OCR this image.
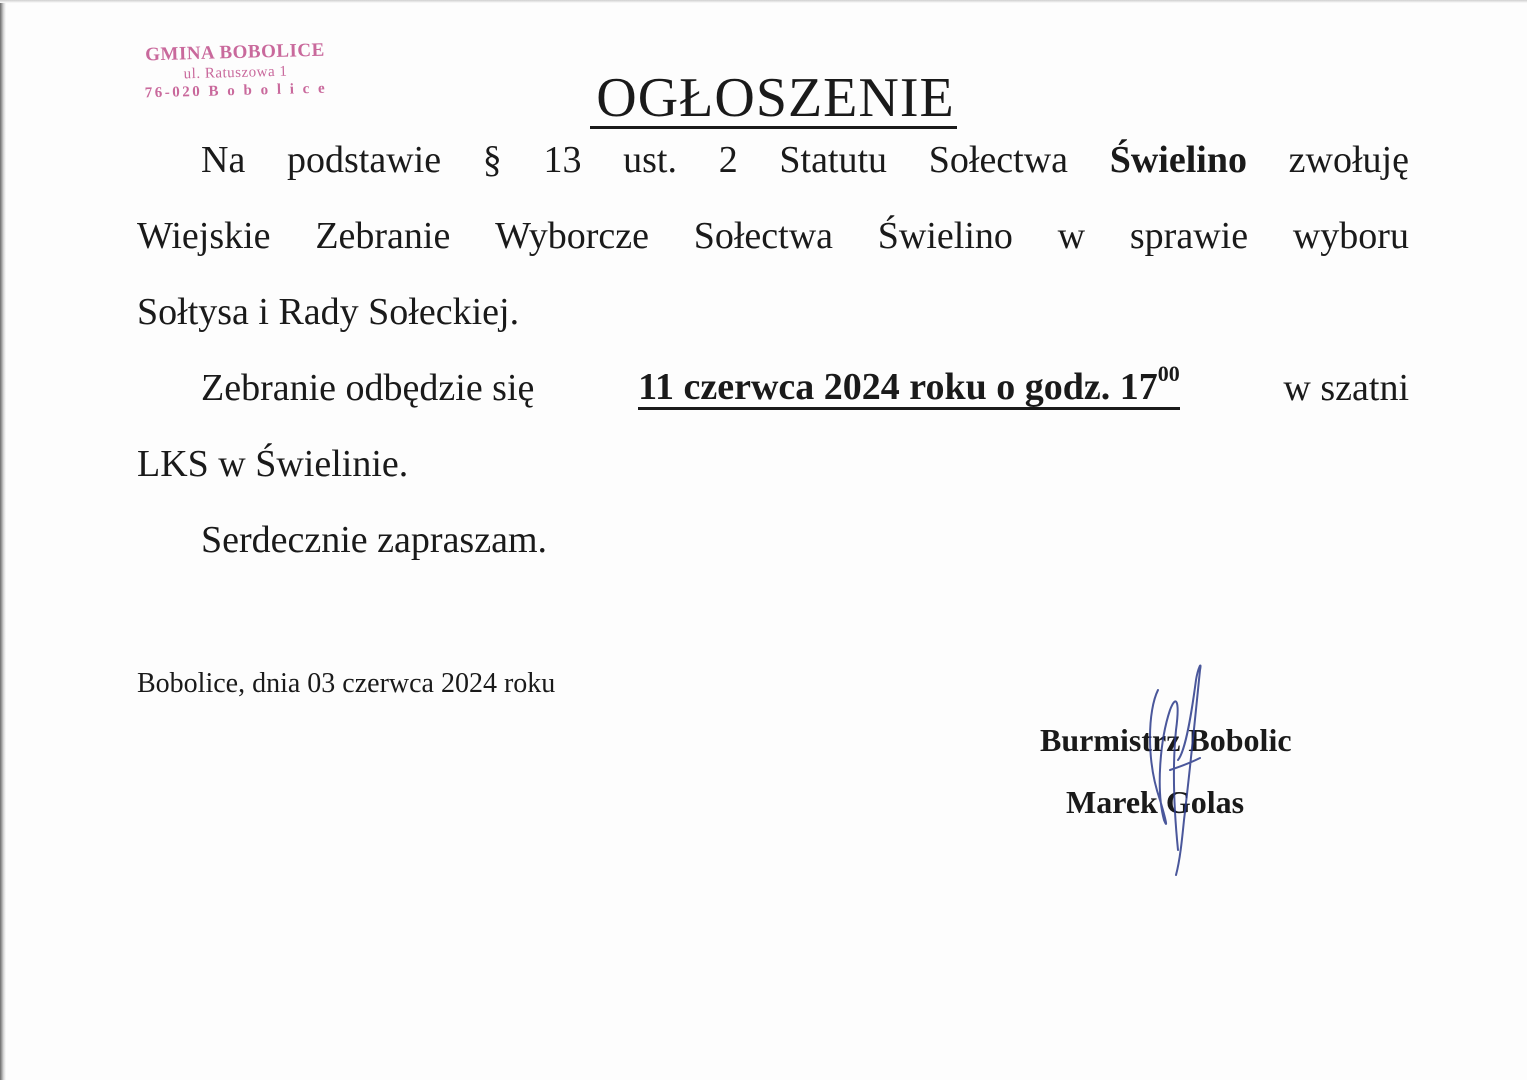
GMINA BOBOLICE
ul. Ratuszowa 1
76-020 B o b o l i c e	OGŁOSZENIE
Na podstawie § 13 ust. 2 Statutu Sołectwa Świelino zwołuję
Wiejskie Zebranie Wyborcze Sołectwa Świelino w sprawie wyboru
Sołtysa i Rady Sołeckiej.
Zebranie odbędzie się	11 czerwca 2024 roku o godz. $17^{00}$	w szatni
LKS w Świelinie.
Serdecznie zapraszam.
Bobolice, dnia 03 czerwca 2024 roku
Burmistrz Bobolic
Marek Golas
